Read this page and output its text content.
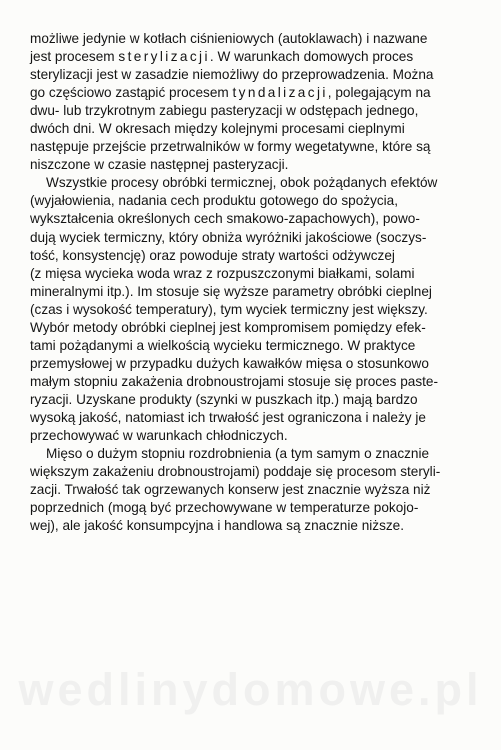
możliwe jedynie w kotłach ciśnieniowych (autoklawach) i nazwane
jest procesem sterylizacji. W warunkach domowych proces
sterylizacji jest w zasadzie niemożliwy do przeprowadzenia. Można
go częściowo zastąpić procesem tyndalizacji, polegającym na
dwu- lub trzykrotnym zabiegu pasteryzacji w odstępach jednego,
dwóch dni. W okresach między kolejnymi procesami cieplnymi
następuje przejście przetrwalników w formy wegetatywne, które są
niszczone w czasie następnej pasteryzacji.
Wszystkie procesy obróbki termicznej, obok pożądanych efektów
(wyjałowienia, nadania cech produktu gotowego do spożycia,
wykształcenia określonych cech smakowo-zapachowych), powo-
dują wyciek termiczny, który obniża wyróżniki jakościowe (soczys-
tość, konsystencję) oraz powoduje straty wartości odżywczej
(z mięsa wycieka woda wraz z rozpuszczonymi białkami, solami
mineralnymi itp.). Im stosuje się wyższe parametry obróbki cieplnej
(czas i wysokość temperatury), tym wyciek termiczny jest większy.
Wybór metody obróbki cieplnej jest kompromisem pomiędzy efek-
tami pożądanymi a wielkością wycieku termicznego. W praktyce
przemysłowej w przypadku dużych kawałków mięsa o stosunkowo
małym stopniu zakażenia drobnoustrojami stosuje się proces paste-
ryzacji. Uzyskane produkty (szynki w puszkach itp.) mają bardzo
wysoką jakość, natomiast ich trwałość jest ograniczona i należy je
przechowywać w warunkach chłodniczych.
Mięso o dużym stopniu rozdrobnienia (a tym samym o znacznie
większym zakażeniu drobnoustrojami) poddaje się procesom steryli-
zacji. Trwałość tak ogrzewanych konserw jest znacznie wyższa niż
poprzednich (mogą być przechowywane w temperaturze pokojo-
wej), ale jakość konsumpcyjna i handlowa są znacznie niższe.
wedlinydomowe.pl
